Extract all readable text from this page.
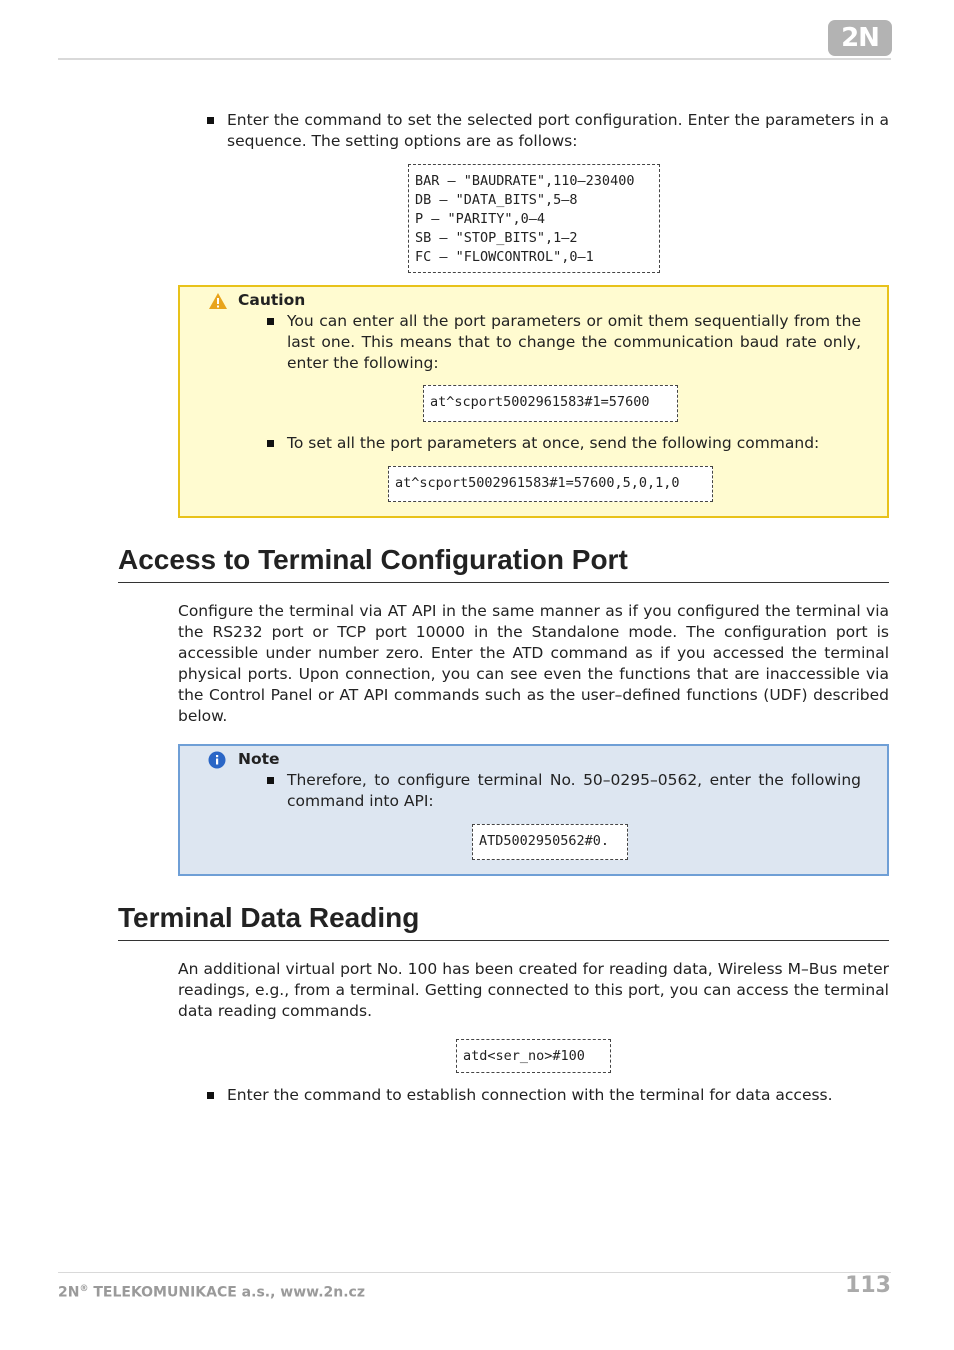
2N
Enter the command to set the selected port configuration. Enter the parameters in a sequence. The setting options are as follows:
BAR – "BAUDRATE",110–230400
DB – "DATA_BITS",5–8
P – "PARITY",0–4
SB – "STOP_BITS",1–2
FC – "FLOWCONTROL",0–1
Caution
You can enter all the port parameters or omit them sequentially from the last one. This means that to change the communication baud rate only, enter the following:
at^scport5002961583#1=57600
To set all the port parameters at once, send the following command:
at^scport5002961583#1=57600,5,0,1,0
Access to Terminal Configuration Port

Configure the terminal via AT API in the same manner as if you configured the terminal via the RS232 port or TCP port 10000 in the Standalone mode. The configuration port is accessible under number zero. Enter the ATD command as if you accessed the terminal physical ports. Upon connection, you can see even the functions that are inaccessible via the Control Panel or AT API commands such as the user–defined functions (UDF) described below.

Note
Therefore, to configure terminal No. 50–0295–0562, enter the following command into API:
ATD5002950562#0.
Terminal Data Reading

An additional virtual port No. 100 has been created for reading data, Wireless M–Bus meter readings, e.g., from a terminal. Getting connected to this port, you can access the terminal data reading commands.

atd<ser_no>#100
Enter the command to establish connection with the terminal for data access.
2N® TELEKOMUNIKACE a.s., www.2n.cz	113
